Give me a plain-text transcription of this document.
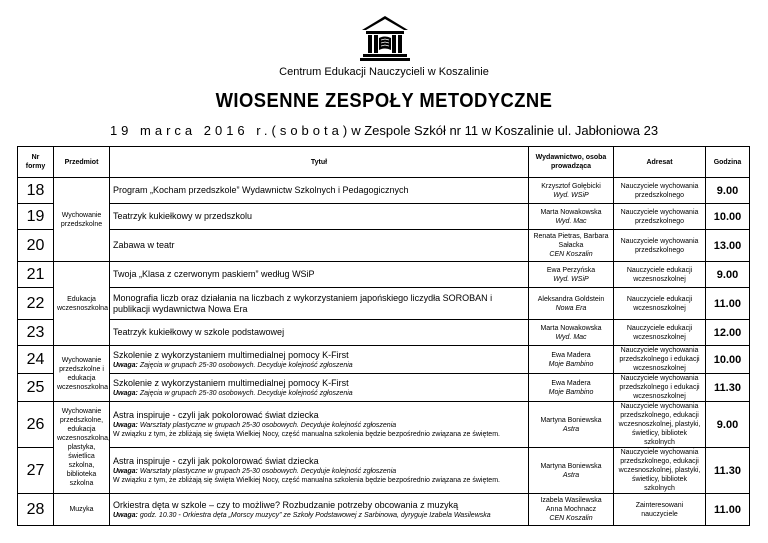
Centrum Edukacji Nauczycieli w Koszalinie
WIOSENNE ZESPOŁY METODYCZNE
19 marca 2016 r.(sobota)w Zespole Szkół nr 11 w Koszalinie ul. Jabłoniowa 23
Nr formy	Przedmiot	Tytuł	Wydawnictwo, osoba prowadząca	Adresat	Godzina
18	Wychowanie przedszkolne	Program „Kocham przedszkole” Wydawnictw Szkolnych i Pedagogicznych	Krzysztof Gołębicki
Wyd. WSiP	Nauczyciele wychowania przedszkolnego	9.00
19		Teatrzyk kukiełkowy w przedszkolu	Marta Nowakowska
Wyd. Mac	Nauczyciele wychowania przedszkolnego	10.00
20		Zabawa w teatr	Renata Pietras, Barbara Sałacka
CEN Koszalin	Nauczyciele wychowania przedszkolnego	13.00
21	Edukacja wczesnoszkolna	Twoja „Klasa z czerwonym paskiem” według WSiP	Ewa Perzyńska
Wyd. WSiP	Nauczyciele edukacji wczesnoszkolnej	9.00
22		Monografia liczb oraz działania na liczbach z wykorzystaniem japońskiego liczydła SOROBAN i publikacji wydawnictwa Nowa Era	Aleksandra Goldstein
Nowa Era	Nauczyciele edukacji wczesnoszkolnej	11.00
23		Teatrzyk kukiełkowy w szkole podstawowej	Marta Nowakowska
Wyd. Mac	Nauczyciele edukacji wczesnoszkolnej	12.00
24	Wychowanie przedszkolne i edukacja wczesnoszkolna	Szkolenie z wykorzystaniem multimedialnej pomocy K-First
Uwaga: Zajęcia w grupach 25-30 osobowych. Decyduje kolejność zgłoszenia	Ewa Madera
Moje Bambino	Nauczyciele wychowania przedszkolnego i edukacji wczesnoszkolnej	10.00
25		Szkolenie z wykorzystaniem multimedialnej pomocy K-First
Uwaga: Zajęcia w grupach 25-30 osobowych. Decyduje kolejność zgłoszenia	Ewa Madera
Moje Bambino	Nauczyciele wychowania przedszkolnego i edukacji wczesnoszkolnej	11.30
26	Wychowanie przedszkolne, edukacja wczesnoszkolna, plastyka, świetlica szkolna, biblioteka szkolna	Astra inspiruje - czyli jak pokolorować świat dziecka
Uwaga: Warsztaty plastyczne w grupach 25-30 osobowych. Decyduje kolejność zgłoszenia
W związku z tym, że zbliżają się święta Wielkiej Nocy, część manualna szkolenia będzie bezpośrednio związana ze świętem.	Martyna Boniewska
Astra	Nauczyciele wychowania przedszkolnego, edukacji wczesnoszkolnej, plastyki, świetlicy, bibliotek szkolnych	9.00
27		Astra inspiruje - czyli jak pokolorować świat dziecka
Uwaga: Warsztaty plastyczne w grupach 25-30 osobowych. Decyduje kolejność zgłoszenia
W związku z tym, że zbliżają się święta Wielkiej Nocy, część manualna szkolenia będzie bezpośrednio związana ze świętem.	Martyna Boniewska
Astra	Nauczyciele wychowania przedszkolnego, edukacji wczesnoszkolnej, plastyki, świetlicy, bibliotek szkolnych	11.30
28	Muzyka	Orkiestra dęta w szkole – czy to możliwe? Rozbudzanie potrzeby obcowania z muzyką
Uwaga: godz. 10.30 - Orkiestra dęta „Morscy muzycy” ze Szkoły Podstawowej z Sarbinowa, dyryguje Izabela Wasilewska	Izabela Wasilewska Anna Mochnacz
CEN Koszalin	Zainteresowani nauczyciele	11.00
